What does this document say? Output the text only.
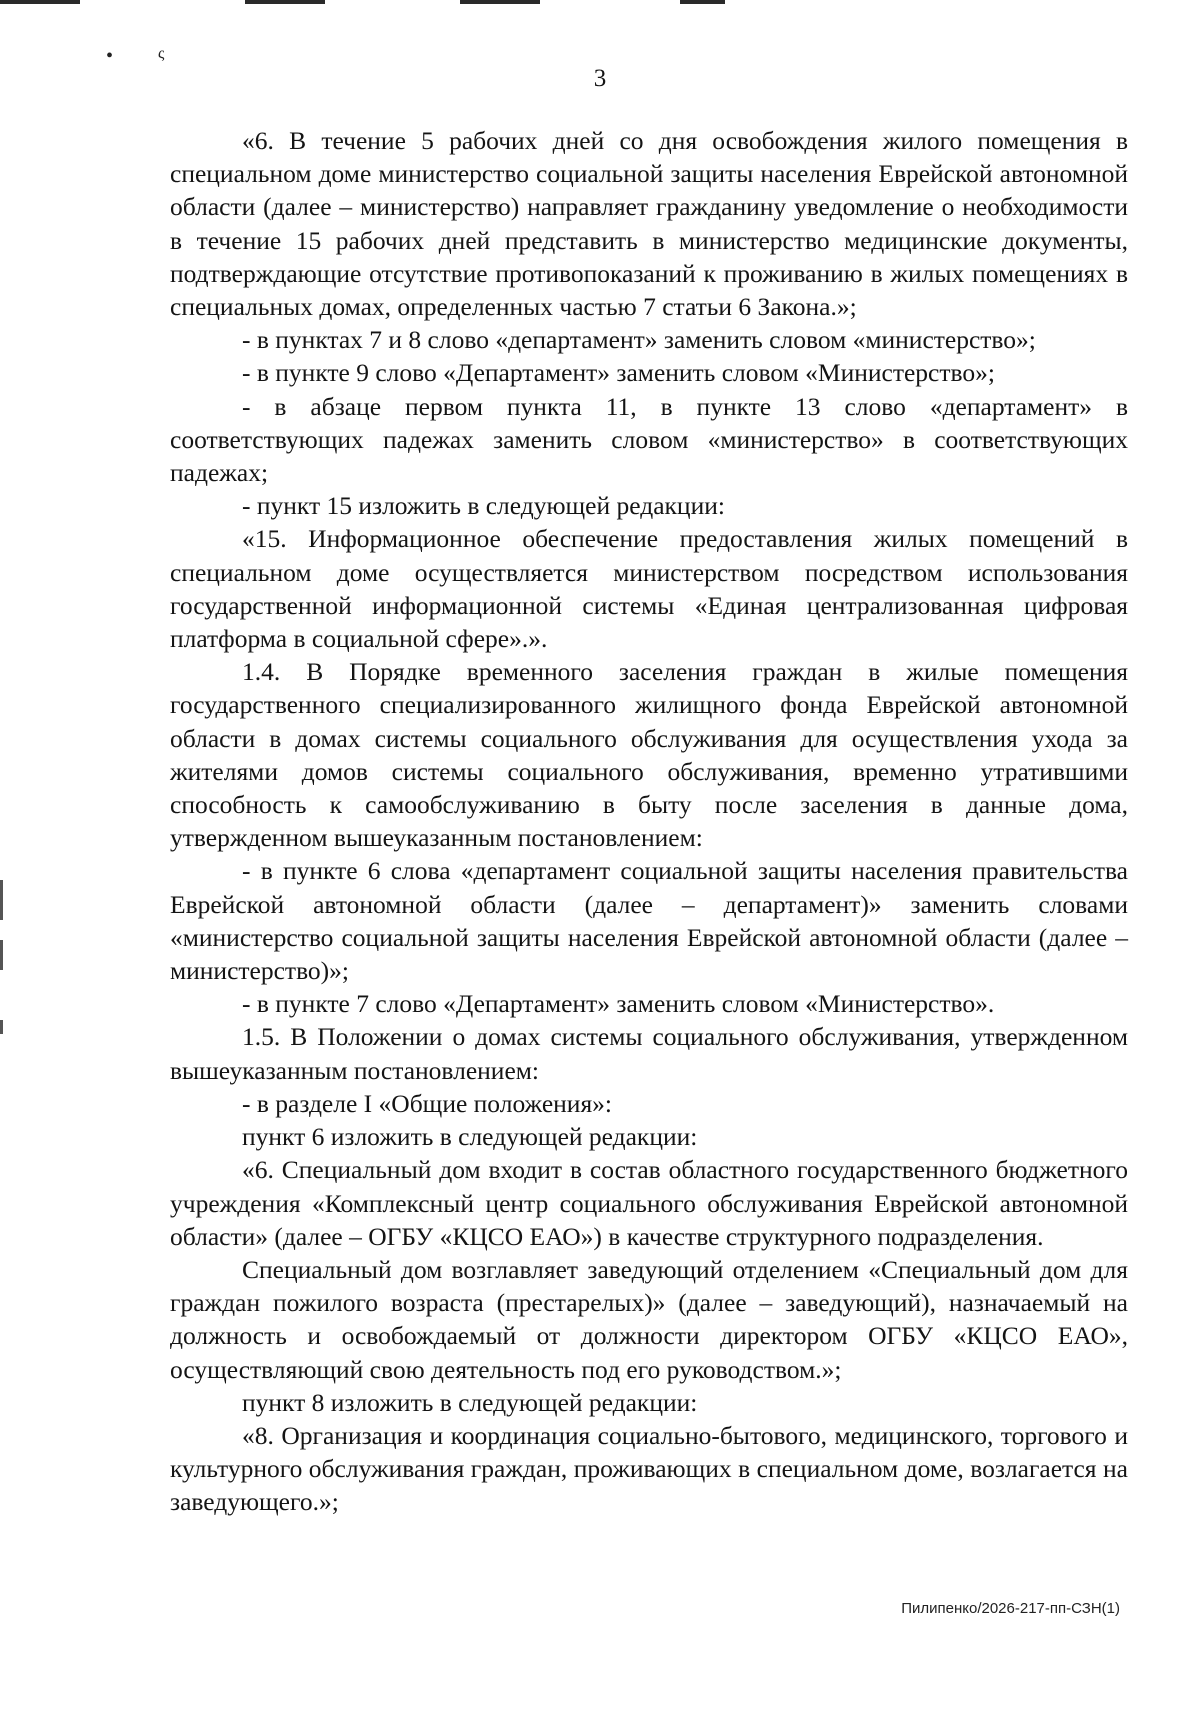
•	ς
3

«6. В течение 5 рабочих дней со дня освобождения жилого помещения в специальном доме министерство социальной защиты населения Еврейской автономной области (далее – министерство) направляет гражданину уведомление о необходимости в течение 15 рабочих дней представить в министерство медицинские документы, подтверждающие отсутствие противопоказаний к проживанию в жилых помещениях в специальных домах, определенных частью 7 статьи 6 Закона.»;

- в пунктах 7 и 8 слово «департамент» заменить словом «министерство»;

- в пункте 9 слово «Департамент» заменить словом «Министерство»;

- в абзаце первом пункта 11, в пункте 13 слово «департамент» в соответствующих падежах заменить словом «министерство» в соответствующих падежах;

- пункт 15 изложить в следующей редакции:

«15. Информационное обеспечение предоставления жилых помещений в специальном доме осуществляется министерством посредством использования государственной информационной системы «Единая централизованная цифровая платформа в социальной сфере».».

1.4. В Порядке временного заселения граждан в жилые помещения государственного специализированного жилищного фонда Еврейской автономной области в домах системы социального обслуживания для осуществления ухода за жителями домов системы социального обслуживания, временно утратившими способность к самообслуживанию в быту после заселения в данные дома, утвержденном вышеуказанным постановлением:

- в пункте 6 слова «департамент социальной защиты населения правительства Еврейской автономной области (далее – департамент)» заменить словами «министерство социальной защиты населения Еврейской автономной области (далее – министерство)»;

- в пункте 7 слово «Департамент» заменить словом «Министерство».

1.5. В Положении о домах системы социального обслуживания, утвержденном вышеуказанным постановлением:

- в разделе I «Общие положения»:

пункт 6 изложить в следующей редакции:

«6. Специальный дом входит в состав областного государственного бюджетного учреждения «Комплексный центр социального обслуживания Еврейской автономной области» (далее – ОГБУ «КЦСО ЕАО») в качестве структурного подразделения.

Специальный дом возглавляет заведующий отделением «Специальный дом для граждан пожилого возраста (престарелых)» (далее – заведующий), назначаемый на должность и освобождаемый от должности директором ОГБУ «КЦСО ЕАО», осуществляющий свою деятельность под его руководством.»;

пункт 8 изложить в следующей редакции:

«8. Организация и координация социально-бытового, медицинского, торгового и культурного обслуживания граждан, проживающих в специальном доме, возлагается на заведующего.»;

Пилипенко/2026-217-пп-СЗН(1)
